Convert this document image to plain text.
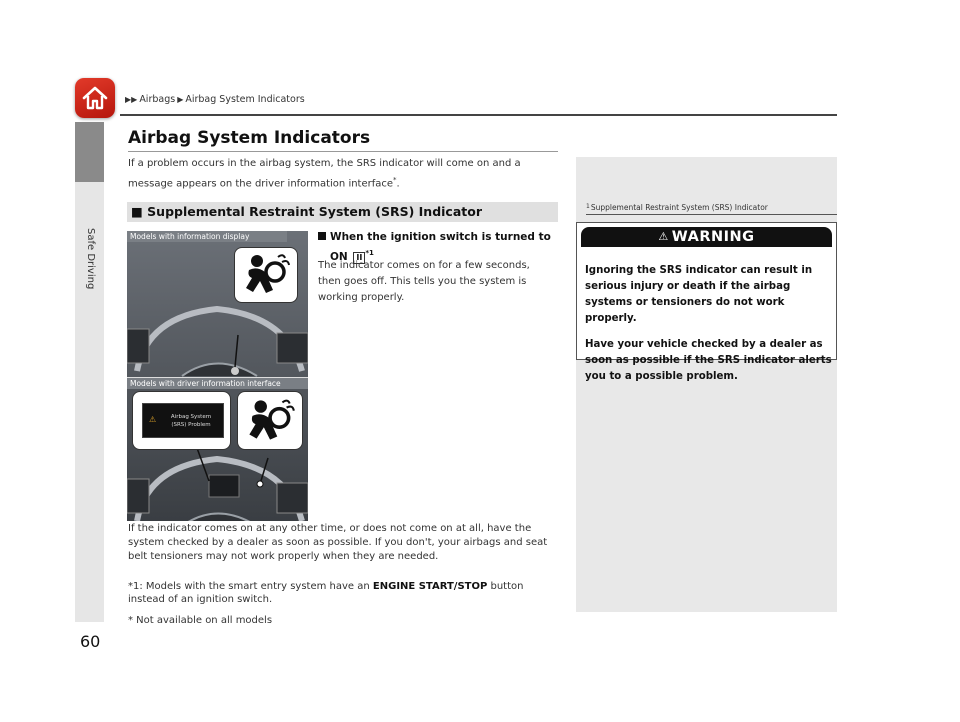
Safe Driving
▶▶ Airbags ▶ Airbag System Indicators
Airbag System Indicators
If a problem occurs in the airbag system, the SRS indicator will come on and a
message appears on the driver information interface*.
■ Supplemental Restraint System (SRS) Indicator
Models with information display
Models with driver information interface
⚠	Airbag System
(SRS) Problem
When the ignition switch is turned to
ON II $^{*1}$
The indicator comes on for a few seconds, then goes off. This tells you the system is working properly.
If the indicator comes on at any other time, or does not come on at all, have the system checked by a dealer as soon as possible. If you don't, your airbags and seat belt tensioners may not work properly when they are needed.
*1: Models with the smart entry system have an ENGINE START/STOP button instead of an ignition switch.
* Not available on all models
$^1$Supplemental Restraint System (SRS) Indicator
⚠ WARNING

Ignoring the SRS indicator can result in serious injury or death if the airbag systems or tensioners do not work properly.

Have your vehicle checked by a dealer as soon as possible if the SRS indicator alerts you to a possible problem.

60
